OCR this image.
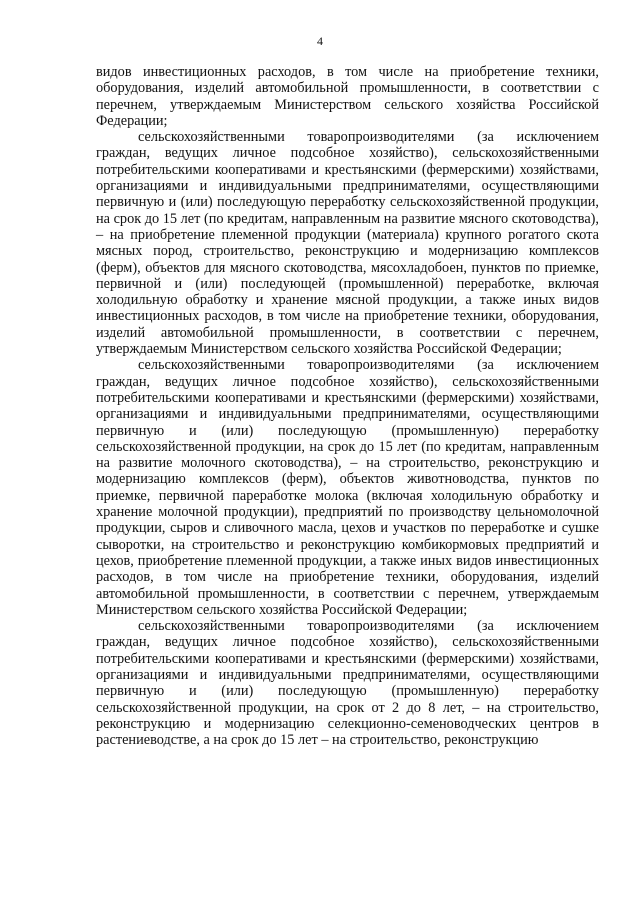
4

видов инвестиционных расходов, в том числе на приобретение техники, оборудования, изделий автомобильной промышленности, в соответствии с перечнем, утверждаемым Министерством сельского хозяйства Российской Федерации;

сельскохозяйственными товаропроизводителями (за исключением граждан, ведущих личное подсобное хозяйство), сельскохозяйственными потребительскими кооперативами и крестьянскими (фермерскими) хозяйствами, организациями и индивидуальными предпринимателями, осуществляющими первичную и (или) последующую переработку сельскохозяйственной продукции, на срок до 15 лет (по кредитам, направленным на развитие мясного скотоводства), – на приобретение племенной продукции (материала) крупного рогатого скота мясных пород, строительство, реконструкцию и модернизацию комплексов (ферм), объектов для мясного скотоводства, мясохладобоен, пунктов по приемке, первичной и (или) последующей (промышленной) переработке, включая холодильную обработку и хранение мясной продукции, а также иных видов инвестиционных расходов, в том числе на приобретение техники, оборудования, изделий автомобильной промышленности, в соответствии с перечнем, утверждаемым Министерством сельского хозяйства Российской Федерации;

сельскохозяйственными товаропроизводителями (за исключением граждан, ведущих личное подсобное хозяйство), сельскохозяйственными потребительскими кооперативами и крестьянскими (фермерскими) хозяйствами, организациями и индивидуальными предпринимателями, осуществляющими первичную и (или) последующую (промышленную) переработку сельскохозяйственной продукции, на срок до 15 лет (по кредитам, направленным на развитие молочного скотоводства), – на строительство, реконструкцию и модернизацию комплексов (ферм), объектов животноводства, пунктов по приемке, первичной пареработке молока (включая холодильную обработку и хранение молочной продукции), предприятий по производству цельномолочной продукции, сыров и сливочного масла, цехов и участков по переработке и сушке сыворотки, на строительство и реконструкцию комбикормовых предприятий и цехов, приобретение племенной продукции, а также иных видов инвестиционных расходов, в том числе на приобретение техники, оборудования, изделий автомобильной промышленности, в соответствии с перечнем, утверждаемым Министерством сельского хозяйства Российской Федерации;

сельскохозяйственными товаропроизводителями (за исключением граждан, ведущих личное подсобное хозяйство), сельскохозяйственными потребительскими кооперативами и крестьянскими (фермерскими) хозяйствами, организациями и индивидуальными предпринимателями, осуществляющими первичную и (или) последующую (промышленную) переработку сельскохозяйственной продукции, на срок от 2 до 8 лет, – на строительство, реконструкцию и модернизацию селекционно-семеноводческих центров в растениеводстве, а на срок до 15 лет – на строительство, реконструкцию
